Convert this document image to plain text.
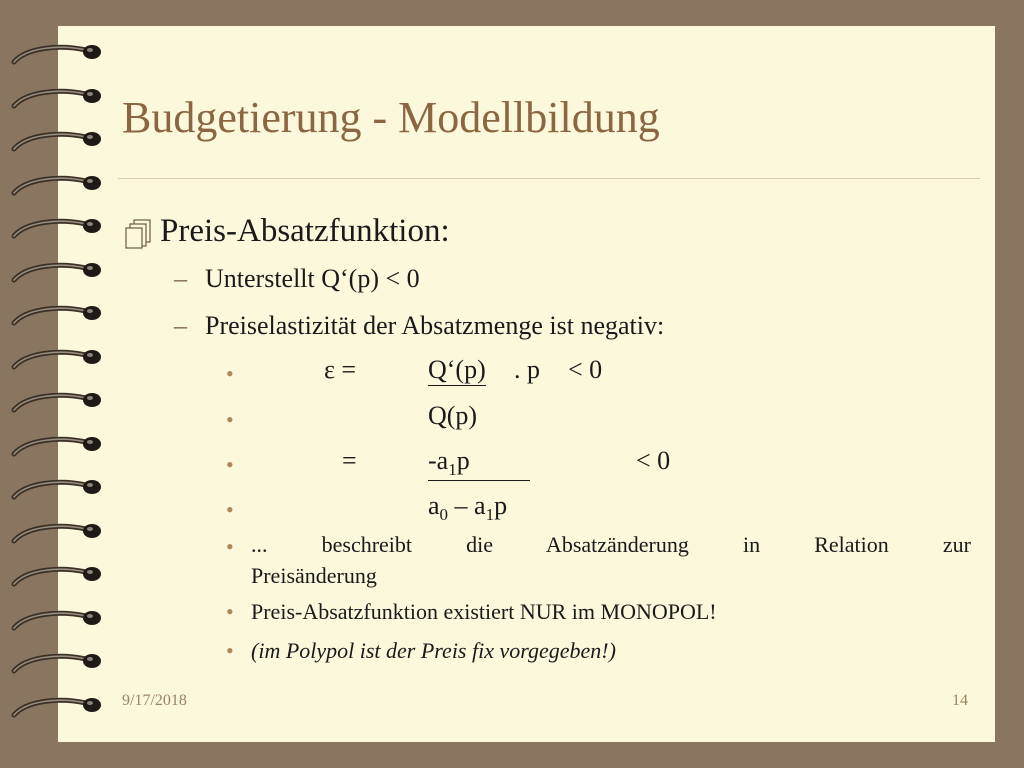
Budgetierung - Modellbildung
Preis-Absatzfunktion:
– Unterstellt Q‘(p) < 0
– Preiselastizität der Absatzmenge ist negativ:
•	ε =	Q‘(p) . p < 0
•	Q(p)
•	=	$-a_1p$	< 0
•	$a_0 - a_1p$
• ... beschreibt die Absatzänderung in Relation zur
Preisänderung
• Preis-Absatzfunktion existiert NUR im MONOPOL!
• (im Polypol ist der Preis fix vorgegeben!)
9/17/2018	14
